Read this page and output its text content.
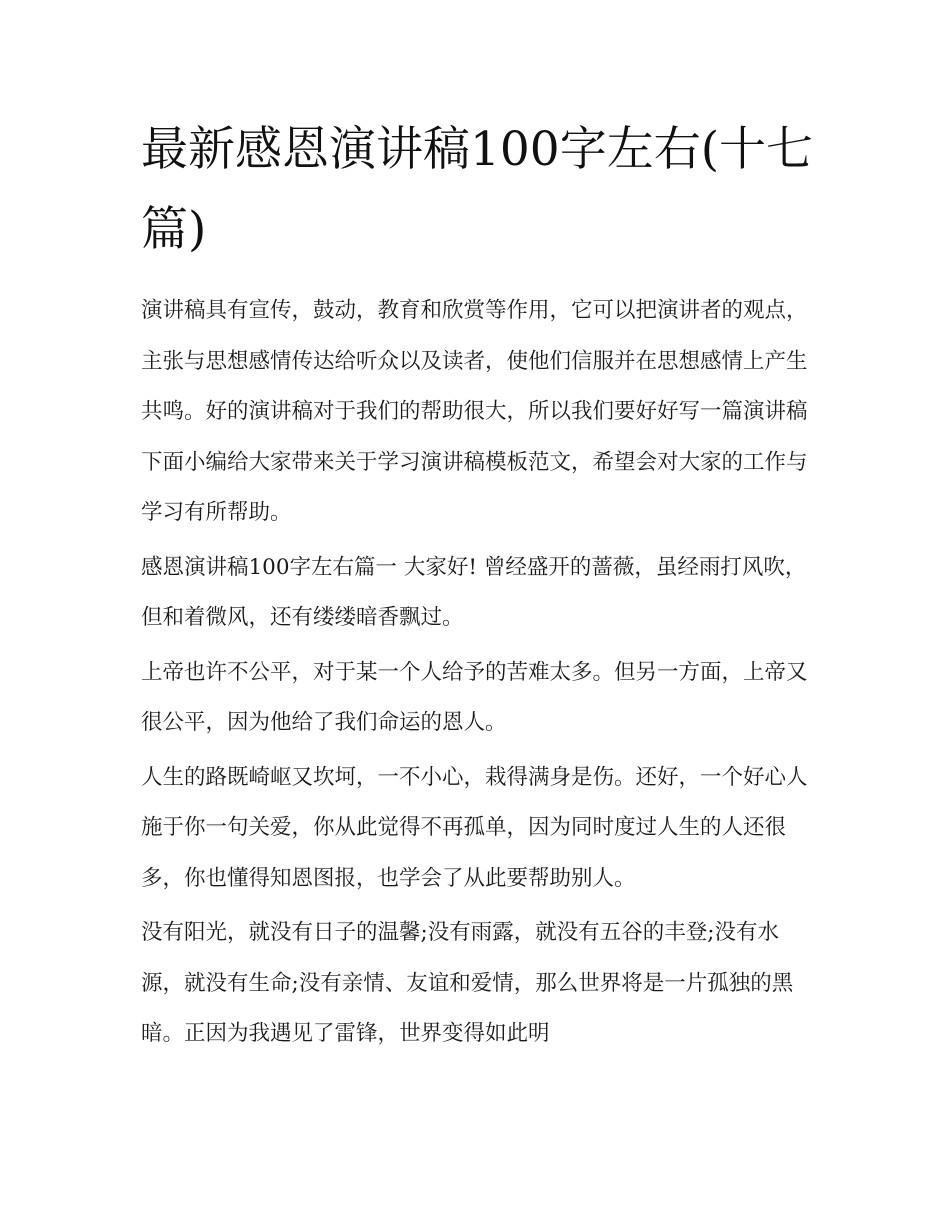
最新感恩演讲稿100字左右(十七篇)

演讲稿具有宣传，鼓动，教育和欣赏等作用，它可以把演讲者的观点，主张与思想感情传达给听众以及读者，使他们信服并在思想感情上产生共鸣。好的演讲稿对于我们的帮助很大，所以我们要好好写一篇演讲稿下面小编给大家带来关于学习演讲稿模板范文，希望会对大家的工作与学习有所帮助。

感恩演讲稿100字左右篇一 大家好! 曾经盛开的蔷薇，虽经雨打风吹，但和着微风，还有缕缕暗香飘过。

上帝也许不公平，对于某一个人给予的苦难太多。但另一方面，上帝又很公平，因为他给了我们命运的恩人。

人生的路既崎岖又坎坷，一不小心，栽得满身是伤。还好，一个好心人施于你一句关爱，你从此觉得不再孤单，因为同时度过人生的人还很多，你也懂得知恩图报，也学会了从此要帮助别人。

没有阳光，就没有日子的温馨;没有雨露，就没有五谷的丰登;没有水源，就没有生命;没有亲情、友谊和爱情，那么世界将是一片孤独的黑暗。正因为我遇见了雷锋，世界变得如此明
